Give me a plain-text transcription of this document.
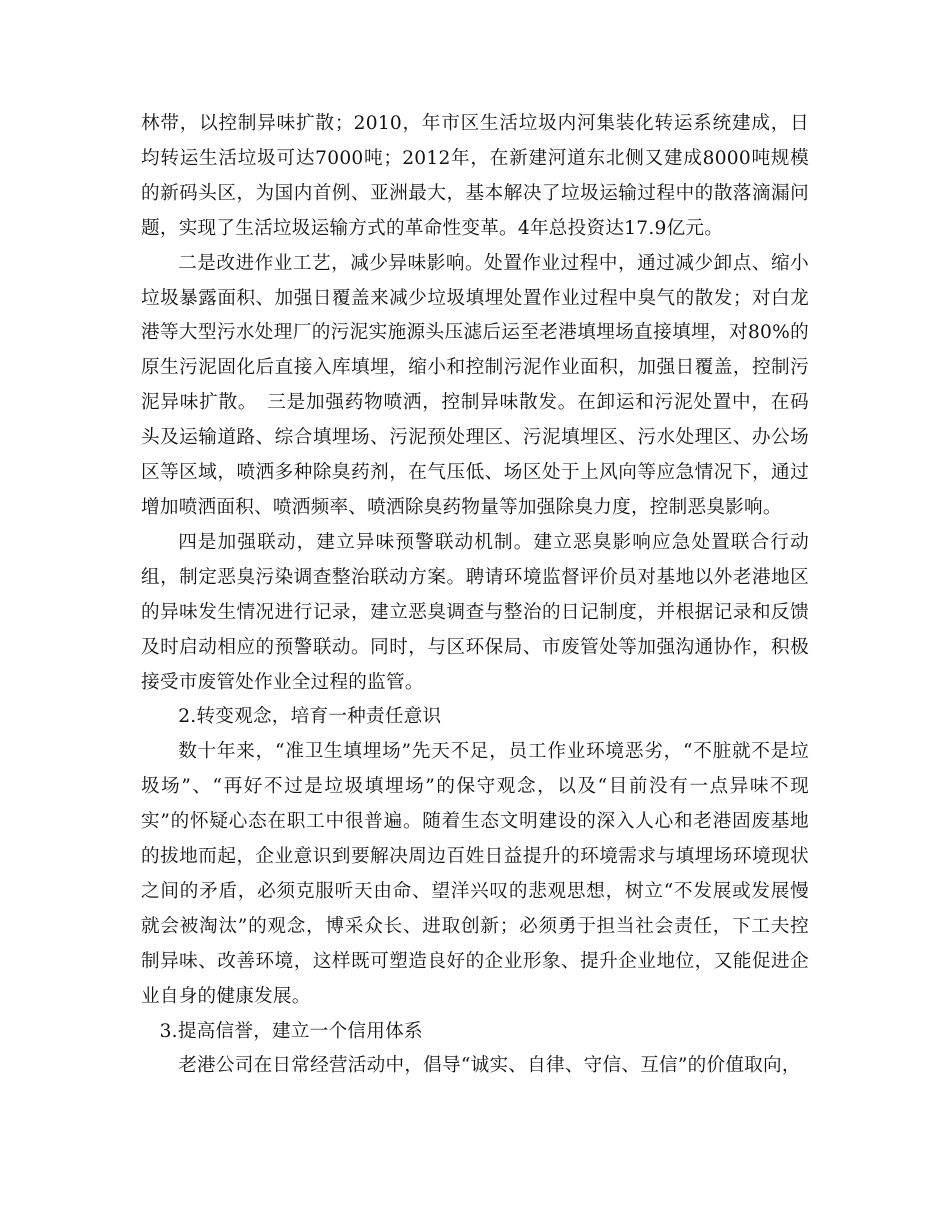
林带，以控制异味扩散；2010，年市区生活垃圾内河集装化转运系统建成，日均转运生活垃圾可达7000吨；2012年，在新建河道东北侧又建成8000吨规模的新码头区，为国内首例、亚洲最大，基本解决了垃圾运输过程中的散落滴漏问题，实现了生活垃圾运输方式的革命性变革。4年总投资达17.9亿元。

二是改进作业工艺，减少异味影响。处置作业过程中，通过减少卸点、缩小垃圾暴露面积、加强日覆盖来减少垃圾填埋处置作业过程中臭气的散发；对白龙港等大型污水处理厂的污泥实施源头压滤后运至老港填埋场直接填埋，对80%的原生污泥固化后直接入库填埋，缩小和控制污泥作业面积，加强日覆盖，控制污泥异味扩散。　三是加强药物喷洒，控制异味散发。在卸运和污泥处置中，在码头及运输道路、综合填埋场、污泥预处理区、污泥填埋区、污水处理区、办公场区等区域，喷洒多种除臭药剂，在气压低、场区处于上风向等应急情况下，通过增加喷洒面积、喷洒频率、喷洒除臭药物量等加强除臭力度，控制恶臭影响。

四是加强联动，建立异味预警联动机制。建立恶臭影响应急处置联合行动组，制定恶臭污染调查整治联动方案。聘请环境监督评价员对基地以外老港地区的异味发生情况进行记录，建立恶臭调查与整治的日记制度，并根据记录和反馈及时启动相应的预警联动。同时，与区环保局、市废管处等加强沟通协作，积极接受市废管处作业全过程的监管。

2.转变观念，培育一种责任意识

数十年来，“准卫生填埋场”先天不足，员工作业环境恶劣，“不脏就不是垃圾场”、“再好不过是垃圾填埋场”的保守观念，以及“目前没有一点异味不现实”的怀疑心态在职工中很普遍。随着生态文明建设的深入人心和老港固废基地的拔地而起，企业意识到要解决周边百姓日益提升的环境需求与填埋场环境现状之间的矛盾，必须克服听天由命、望洋兴叹的悲观思想，树立“不发展或发展慢就会被淘汰”的观念，博采众长、进取创新；必须勇于担当社会责任，下工夫控制异味、改善环境，这样既可塑造良好的企业形象、提升企业地位，又能促进企业自身的健康发展。

3.提高信誉，建立一个信用体系

老港公司在日常经营活动中，倡导“诚实、自律、守信、互信”的价值取向，
